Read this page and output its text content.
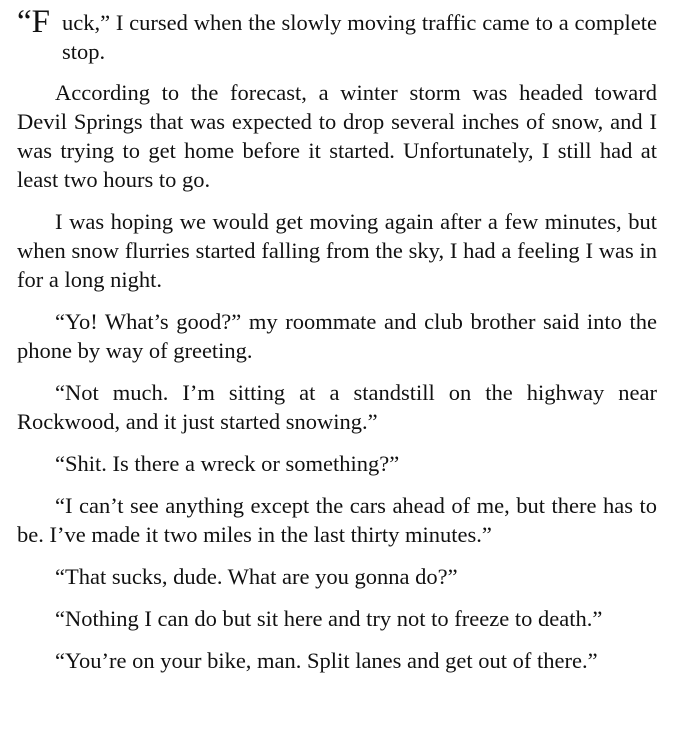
“F uck,” I cursed when the slowly moving traffic came to a complete stop.

According to the forecast, a winter storm was headed toward Devil Springs that was expected to drop several inches of snow, and I was trying to get home before it started. Unfortunately, I still had at least two hours to go.

I was hoping we would get moving again after a few minutes, but when snow flurries started falling from the sky, I had a feeling I was in for a long night.

“Yo! What’s good?” my roommate and club brother said into the phone by way of greeting.

“Not much. I’m sitting at a standstill on the highway near Rockwood, and it just started snowing.”

“Shit. Is there a wreck or something?”

“I can’t see anything except the cars ahead of me, but there has to be. I’ve made it two miles in the last thirty minutes.”

“That sucks, dude. What are you gonna do?”

“Nothing I can do but sit here and try not to freeze to death.”

“You’re on your bike, man. Split lanes and get out of there.”
